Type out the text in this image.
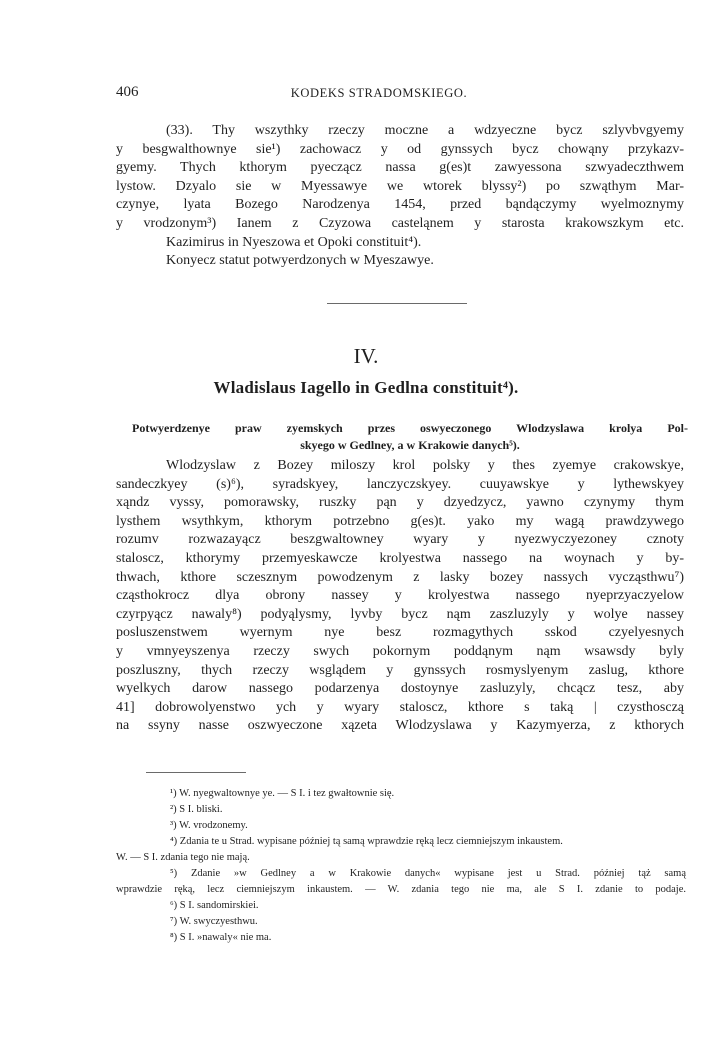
406	KODEKS STRADOMSKIEGO.
(33). Thy wszythky rzeczy moczne a wdzyeczne bycz szlyvbvgyemy
y besgwalthownye sie¹) zachowacz y od gynssych bycz chowąny przykazv-
gyemy. Thych kthorym pyeczącz nassa g(es)t zawyessona szwyadeczthwem
lystow. Dzyalo sie w Myessawye we wtorek blyssy²) po szwąthym Mar-
czynye, lyata Bozego Narodzenya 1454, przed bąndączymy wyelmoznymy
y vrodzonym³) Ianem z Czyzowa casteląnem y starosta krakowszkym etc.
Kazimirus in Nyeszowa et Opoki constituit⁴).
Konyecz statut potwyerdzonych w Myeszawye.
IV.
Wladislaus Iagello in Gedlna constituit⁴).
Potwyerdzenye praw zyemskych przes oswyeczonego Wlodzyslawa krolya Pol-
skyego w Gedlney, a w Krakowie danych⁵).
Wlodzyslaw z Bozey miloszy krol polsky y thes zyemye crakowskye,
sandeczkyey (s)⁶), syradskyey, lanczyczskyey. cuuyawskye y lythewskyey
xąndz vyssy, pomorawsky, ruszky pąn y dzyedzycz, yawno czynymy thym
lysthem wsythkym, kthorym potrzebno g(es)t. yako my wagą prawdzywego
rozumv rozwazayącz beszgwaltowney wyary y nyezwyczyezoney cznoty
staloscz, kthorymy przemyeskawcze krolyestwa nassego na woynach y by-
thwach, kthore sczesznym powodzenym z lasky bozey nassych vycząsthwu⁷)
cząsthokrocz dlya obrony nassey y krolyestwa nassego nyeprzyaczyelow
czyrpyącz nawaly⁸) podyąlysmy, lyvby bycz nąm zaszluzyly y wolye nassey
posluszenstwem wyernym nye besz rozmagythych sskod czyelyesnych
y vmnyeyszenya rzeczy swych pokornym poddąnym nąm wsawsdy byly
poszluszny, thych rzeczy wsglądem y gynssych rosmyslyenym zaslug, kthore
wyelkych darow nassego podarzenya dostoynye zasluzyly, chcącz tesz, aby
41] dobrowolyenstwo ych y wyary staloscz, kthore s taką | czysthosczą
na ssyny nasse oszwyeczone xązeta Wlodzyslawa y Kazymyerza, z kthorych
¹) W. nyegwaltownye ye. — S I. i tez gwałtownie się.
²) S I. bliski.
³) W. vrodzonemy.
⁴) Zdania te u Strad. wypisane później tą samą wprawdzie ręką lecz ciemniejszym inkaustem.
W. — S I. zdania tego nie mają.
⁵) Zdanie »w Gedlney a w Krakowie danych« wypisane jest u Strad. później tąż samą
wprawdzie ręką, lecz ciemniejszym inkaustem. — W. zdania tego nie ma, ale S I. zdanie to podaje.
⁶) S I. sandomirskiei.
⁷) W. swyczyesthwu.
⁸) S I. »nawaly« nie ma.
